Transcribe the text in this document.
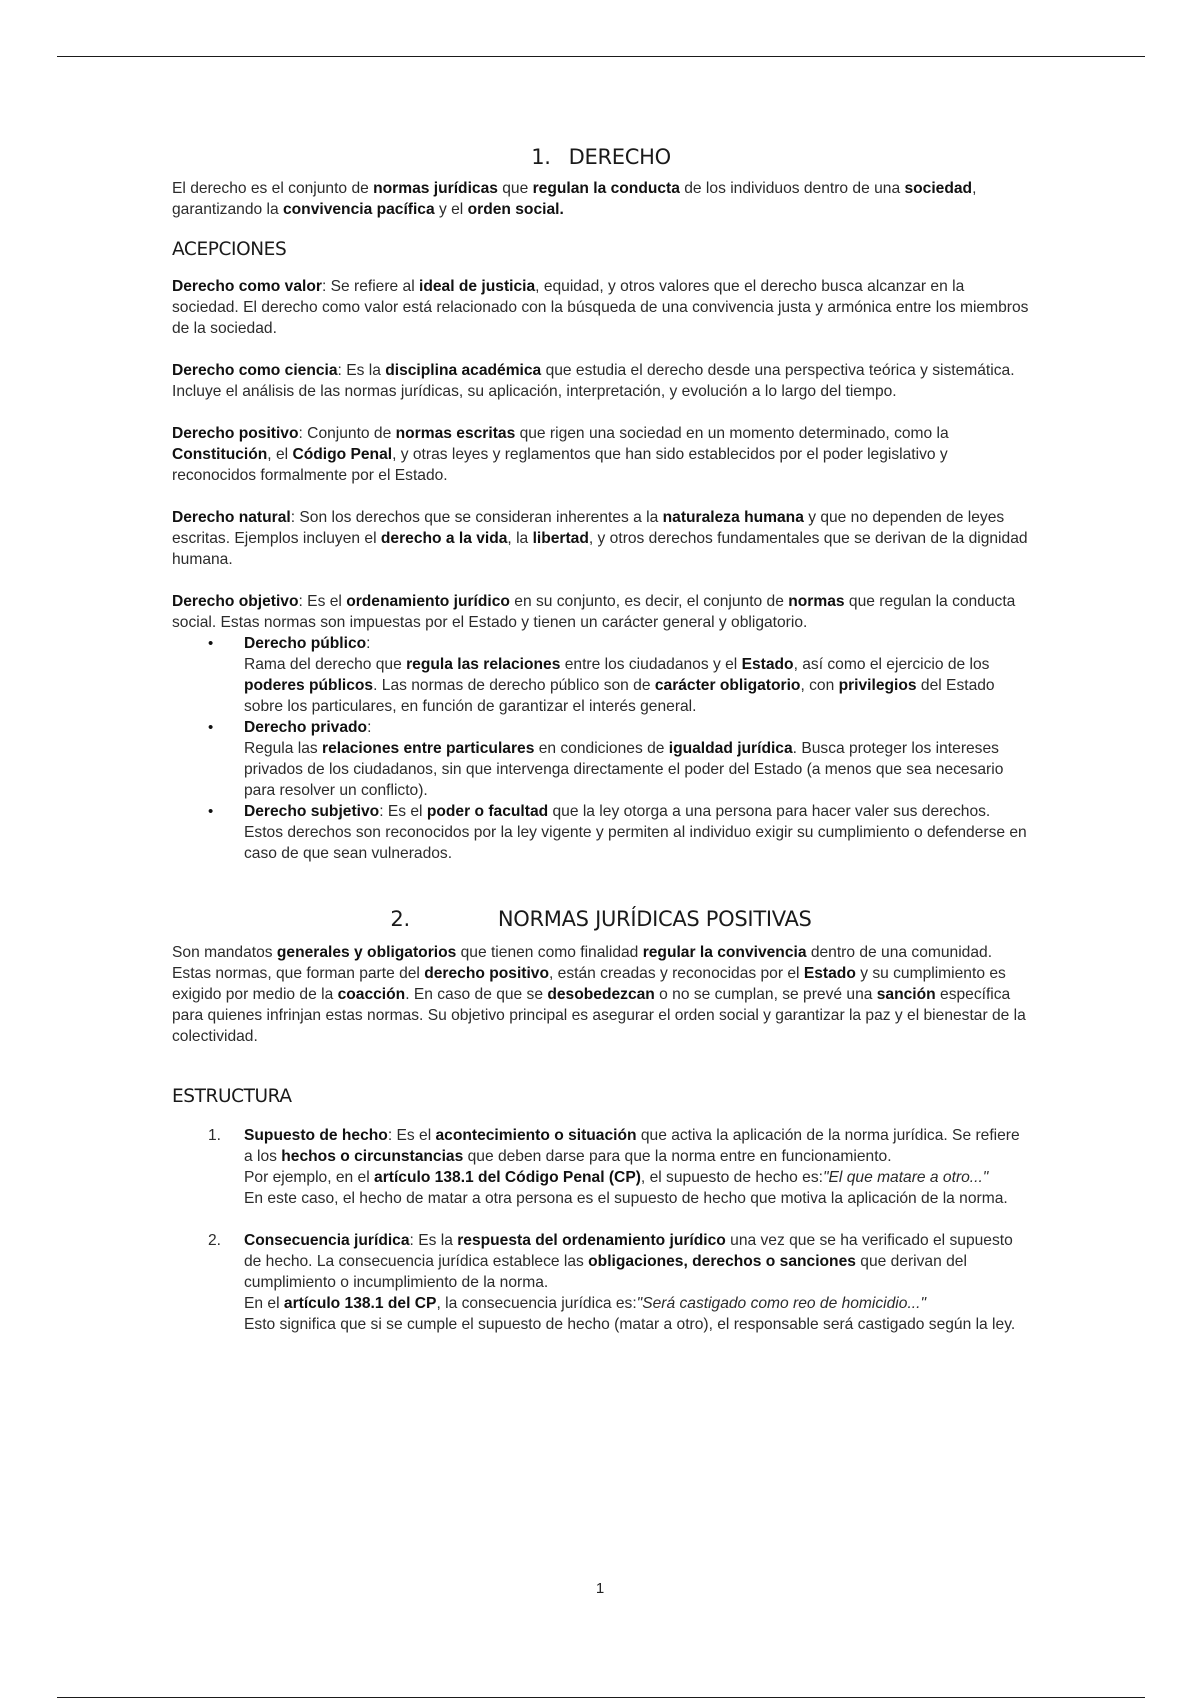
1. DERECHO

El derecho es el conjunto de normas jurídicas que regulan la conducta de los individuos dentro de una sociedad, garantizando la convivencia pacífica y el orden social.

ACEPCIONES

Derecho como valor: Se refiere al ideal de justicia, equidad, y otros valores que el derecho busca alcanzar en la sociedad. El derecho como valor está relacionado con la búsqueda de una convivencia justa y armónica entre los miembros de la sociedad.

Derecho como ciencia: Es la disciplina académica que estudia el derecho desde una perspectiva teórica y sistemática. Incluye el análisis de las normas jurídicas, su aplicación, interpretación, y evolución a lo largo del tiempo.

Derecho positivo: Conjunto de normas escritas que rigen una sociedad en un momento determinado, como la Constitución, el Código Penal, y otras leyes y reglamentos que han sido establecidos por el poder legislativo y reconocidos formalmente por el Estado.

Derecho natural: Son los derechos que se consideran inherentes a la naturaleza humana y que no dependen de leyes escritas. Ejemplos incluyen el derecho a la vida, la libertad, y otros derechos fundamentales que se derivan de la dignidad humana.

Derecho objetivo: Es el ordenamiento jurídico en su conjunto, es decir, el conjunto de normas que regulan la conducta social. Estas normas son impuestas por el Estado y tienen un carácter general y obligatorio.

• Derecho público:
Rama del derecho que regula las relaciones entre los ciudadanos y el Estado, así como el ejercicio de los poderes públicos. Las normas de derecho público son de carácter obligatorio, con privilegios del Estado sobre los particulares, en función de garantizar el interés general.
• Derecho privado:
Regula las relaciones entre particulares en condiciones de igualdad jurídica. Busca proteger los intereses privados de los ciudadanos, sin que intervenga directamente el poder del Estado (a menos que sea necesario para resolver un conflicto).
• Derecho subjetivo: Es el poder o facultad que la ley otorga a una persona para hacer valer sus derechos. Estos derechos son reconocidos por la ley vigente y permiten al individuo exigir su cumplimiento o defenderse en caso de que sean vulnerados.
2.	NORMAS JURÍDICAS POSITIVAS

Son mandatos generales y obligatorios que tienen como finalidad regular la convivencia dentro de una comunidad. Estas normas, que forman parte del derecho positivo, están creadas y reconocidas por el Estado y su cumplimiento es exigido por medio de la coacción. En caso de que se desobedezcan o no se cumplan, se prevé una sanción específica para quienes infrinjan estas normas. Su objetivo principal es asegurar el orden social y garantizar la paz y el bienestar de la colectividad.

ESTRUCTURA
1. Supuesto de hecho: Es el acontecimiento o situación que activa la aplicación de la norma jurídica. Se refiere a los hechos o circunstancias que deben darse para que la norma entre en funcionamiento.
Por ejemplo, en el artículo 138.1 del Código Penal (CP), el supuesto de hecho es:"El que matare a otro..."
En este caso, el hecho de matar a otra persona es el supuesto de hecho que motiva la aplicación de la norma.
2. Consecuencia jurídica: Es la respuesta del ordenamiento jurídico una vez que se ha verificado el supuesto de hecho. La consecuencia jurídica establece las obligaciones, derechos o sanciones que derivan del cumplimiento o incumplimiento de la norma.
En el artículo 138.1 del CP, la consecuencia jurídica es:"Será castigado como reo de homicidio..."
Esto significa que si se cumple el supuesto de hecho (matar a otro), el responsable será castigado según la ley.
1
